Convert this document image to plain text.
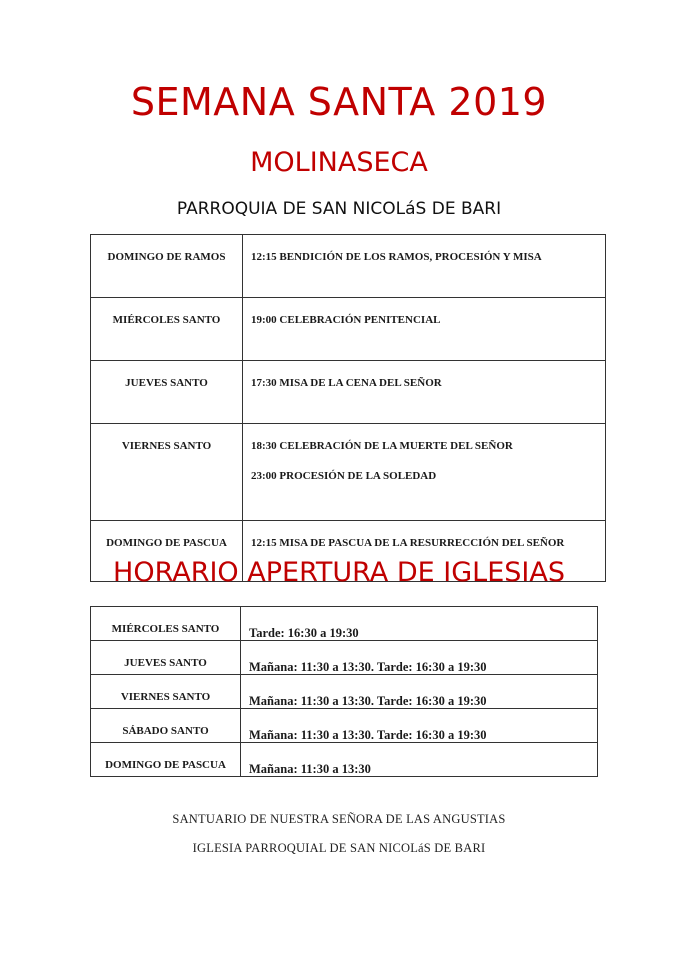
SEMANA SANTA 2019
MOLINASECA
PARROQUIA DE SAN NICOLáS DE BARI
DOMINGO DE RAMOS	12:15 BENDICIÓN DE LOS RAMOS, PROCESIÓN Y MISA

MIÉRCOLES SANTO	19:00 CELEBRACIÓN PENITENCIAL

JUEVES SANTO	17:30 MISA DE LA CENA DEL SEÑOR

VIERNES SANTO	18:30 CELEBRACIÓN DE LA MUERTE DEL SEÑOR
23:00 PROCESIÓN DE LA SOLEDAD

DOMINGO DE PASCUA	12:15 MISA DE PASCUA DE LA RESURRECCIÓN DEL SEÑOR
HORARIO APERTURA DE IGLESIAS
MIÉRCOLES SANTO	Tarde: 16:30 a 19:30
JUEVES SANTO	Mañana: 11:30 a 13:30. Tarde: 16:30 a 19:30
VIERNES SANTO	Mañana: 11:30 a 13:30. Tarde: 16:30 a 19:30
SÁBADO SANTO	Mañana: 11:30 a 13:30. Tarde: 16:30 a 19:30
DOMINGO DE PASCUA	Mañana: 11:30 a 13:30
SANTUARIO DE NUESTRA SEÑORA DE LAS ANGUSTIAS
IGLESIA PARROQUIAL DE SAN NICOLáS DE BARI
